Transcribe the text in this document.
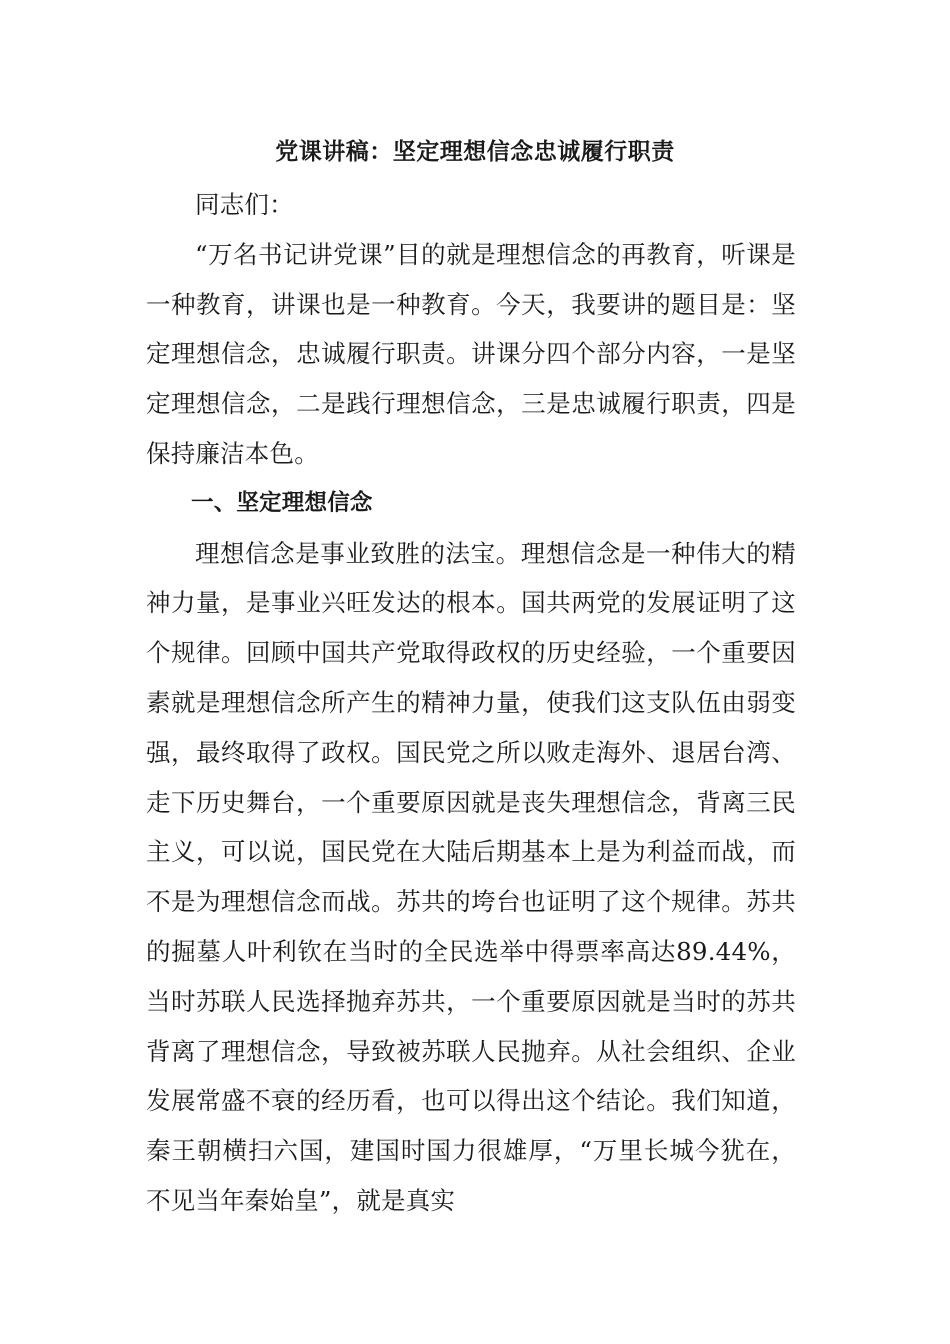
党课讲稿：坚定理想信念忠诚履行职责

同志们：

“万名书记讲党课”目的就是理想信念的再教育，听课是一种教育，讲课也是一种教育。今天，我要讲的题目是：坚定理想信念，忠诚履行职责。讲课分四个部分内容，一是坚定理想信念，二是践行理想信念，三是忠诚履行职责，四是保持廉洁本色。

一、坚定理想信念

理想信念是事业致胜的法宝。理想信念是一种伟大的精神力量，是事业兴旺发达的根本。国共两党的发展证明了这个规律。回顾中国共产党取得政权的历史经验，一个重要因素就是理想信念所产生的精神力量，使我们这支队伍由弱变强，最终取得了政权。国民党之所以败走海外、退居台湾、走下历史舞台，一个重要原因就是丧失理想信念，背离三民主义，可以说，国民党在大陆后期基本上是为利益而战，而不是为理想信念而战。苏共的垮台也证明了这个规律。苏共的掘墓人叶利钦在当时的全民选举中得票率高达89.44%，当时苏联人民选择抛弃苏共，一个重要原因就是当时的苏共背离了理想信念，导致被苏联人民抛弃。从社会组织、企业发展常盛不衰的经历看，也可以得出这个结论。我们知道，秦王朝横扫六国，建国时国力很雄厚，“万里长城今犹在，不见当年秦始皇”，就是真实
